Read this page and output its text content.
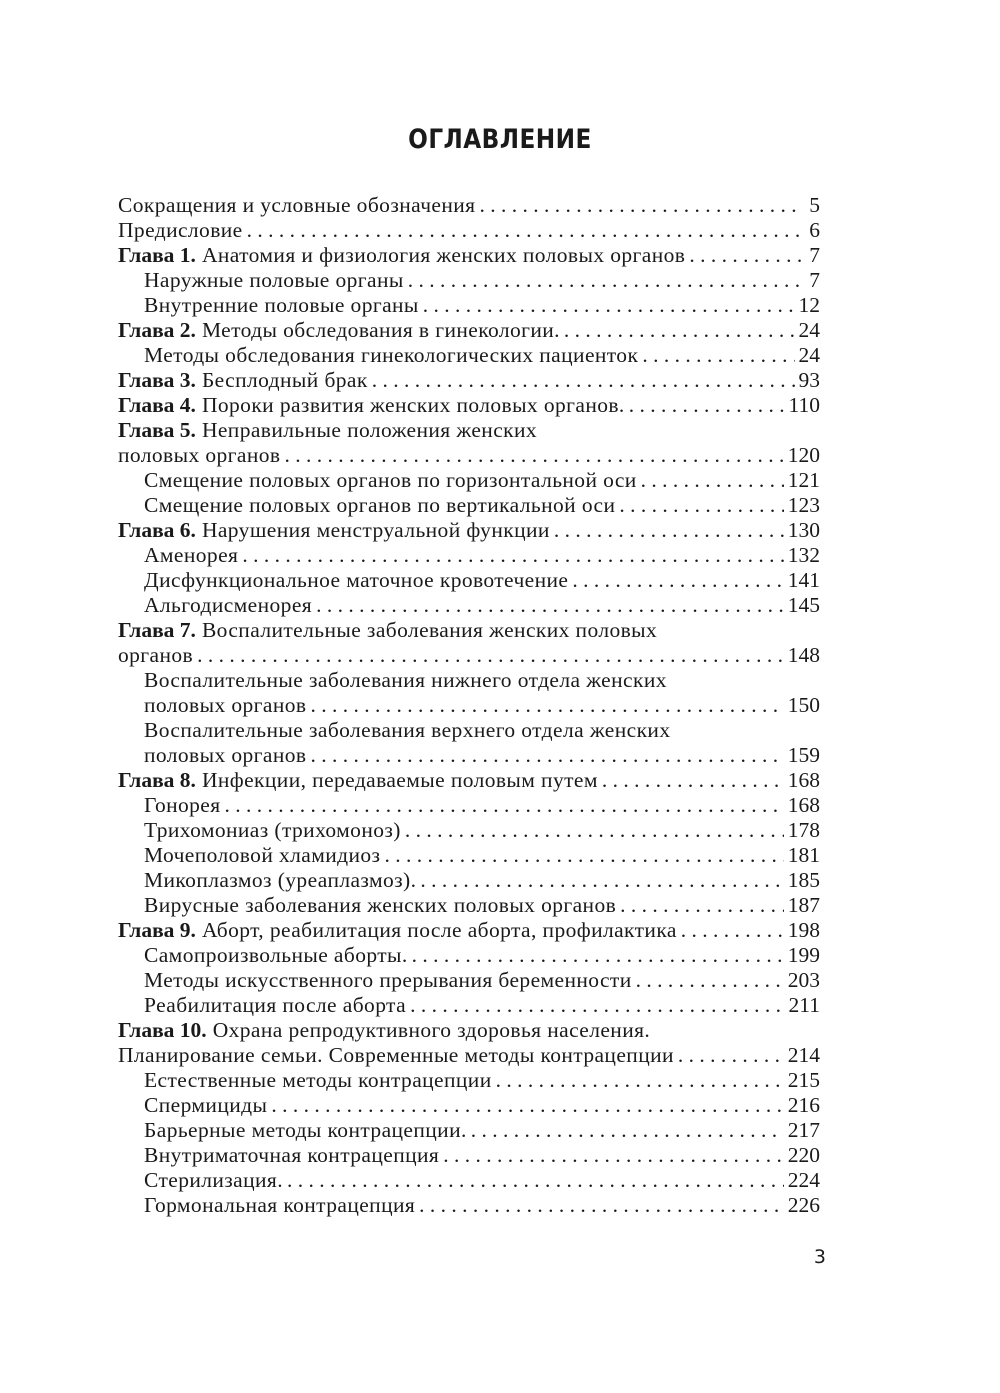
ОГЛАВЛЕНИЕ
Сокращения и условные обозначения . . .	5
Предисловие . . .	6
Глава 1. Анатомия и физиология женских половых органов . . .	7
Наружные половые органы . . .	7
Внутренние половые органы . . .	12
Глава 2. Методы обследования в гинекологии. . . .	24
Методы обследования гинекологических пациенток . . .	24
Глава 3. Бесплодный брак . . .	93
Глава 4. Пороки развития женских половых органов. . . .	110
Глава 5. Неправильные положения женских
половых органов . . .	120
Смещение половых органов по горизонтальной оси . . .	121
Смещение половых органов по вертикальной оси . . .	123
Глава 6. Нарушения менструальной функции . . .	130
Аменорея . . .	132
Дисфункциональное маточное кровотечение . . .	141
Альгодисменорея . . .	145
Глава 7. Воспалительные заболевания женских половых
органов . . .	148
Воспалительные заболевания нижнего отдела женских
половых органов . . .	150
Воспалительные заболевания верхнего отдела женских
половых органов . . .	159
Глава 8. Инфекции, передаваемые половым путем . . .	168
Гонорея . . .	168
Трихомониаз (трихомоноз) . . .	178
Мочеполовой хламидиоз . . .	181
Микоплазмоз (уреаплазмоз). . . .	185
Вирусные заболевания женских половых органов . . .	187
Глава 9. Аборт, реабилитация после аборта, профилактика . . .	198
Самопроизвольные аборты. . . .	199
Методы искусственного прерывания беременности . . .	203
Реабилитация после аборта . . .	211
Глава 10. Охрана репродуктивного здоровья населения.
Планирование семьи. Современные методы контрацепции . . .	214
Естественные методы контрацепции . . .	215
Спермициды . . .	216
Барьерные методы контрацепции. . . .	217
Внутриматочная контрацепция . . .	220
Стерилизация. . . .	224
Гормональная контрацепция . . .	226
3
